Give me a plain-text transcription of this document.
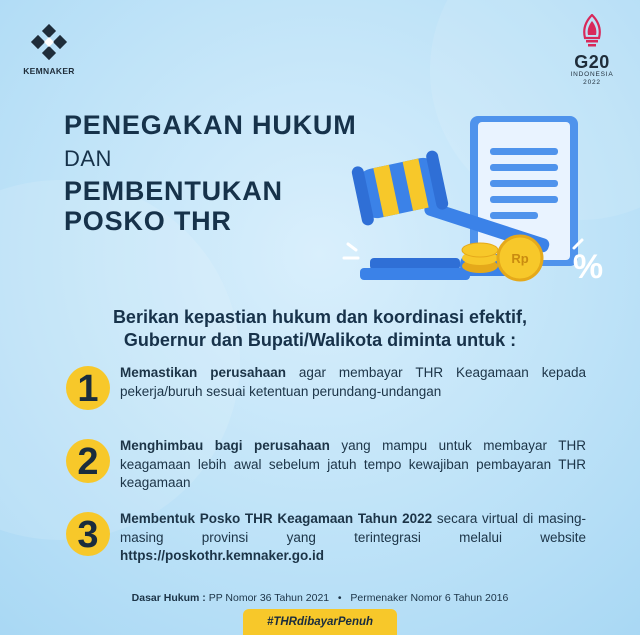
KEMNAKER	G20
INDONESIA
2022
PENEGAKAN HUKUM
DAN
PEMBENTUKAN
POSKO THR
Rp %
Berikan kepastian hukum dan koordinasi efektif,
Gubernur dan Bupati/Walikota diminta untuk :
1	Memastikan perusahaan agar membayar THR Keagamaan kepada pekerja/buruh sesuai ketentuan perundang-undangan
2	Menghimbau bagi perusahaan yang mampu untuk membayar THR keagamaan lebih awal sebelum jatuh tempo kewajiban pembayaran THR keagamaan
3	Membentuk Posko THR Keagamaan Tahun 2022 secara virtual di masing-masing provinsi yang terintegrasi melalui website https://poskothr.kemnaker.go.id
Dasar Hukum : PP Nomor 36 Tahun 2021 • Permenaker Nomor 6 Tahun 2016
#THRdibayarPenuh
